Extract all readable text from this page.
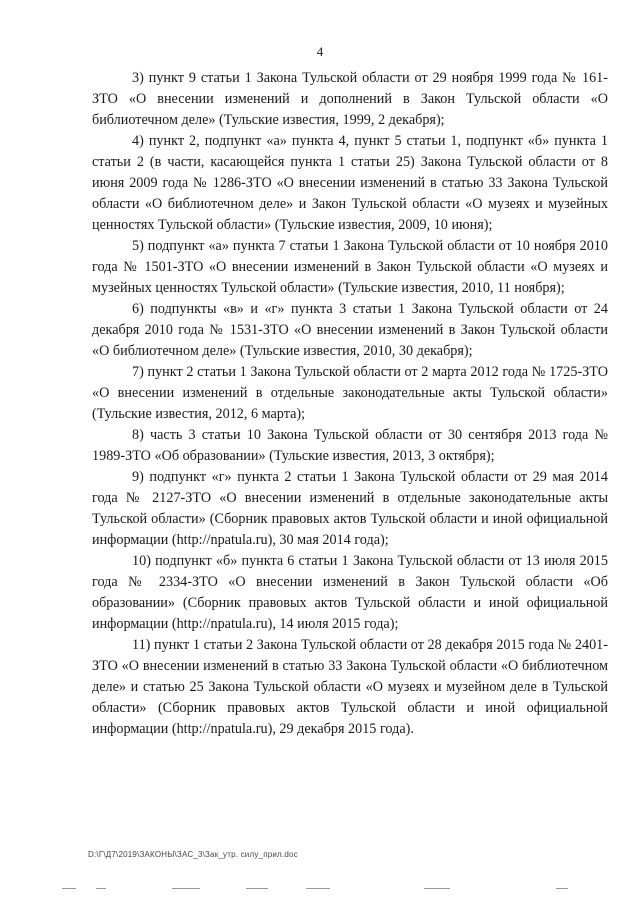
4

3) пункт 9 статьи 1 Закона Тульской области от 29 ноября 1999 года № 161-ЗТО «О внесении изменений и дополнений в Закон Тульской области «О библиотечном деле» (Тульские известия, 1999, 2 декабря);

4) пункт 2, подпункт «а» пункта 4, пункт 5 статьи 1, подпункт «б» пункта 1 статьи 2 (в части, касающейся пункта 1 статьи 25) Закона Тульской области от 8 июня 2009 года № 1286-ЗТО «О внесении изменений в статью 33 Закона Тульской области «О библиотечном деле» и Закон Тульской области «О музеях и музейных ценностях Тульской области» (Тульские известия, 2009, 10 июня);

5) подпункт «а» пункта 7 статьи 1 Закона Тульской области от 10 ноября 2010 года № 1501-ЗТО «О внесении изменений в Закон Тульской области «О музеях и музейных ценностях Тульской области» (Тульские известия, 2010, 11 ноября);

6) подпункты «в» и «г» пункта 3 статьи 1 Закона Тульской области от 24 декабря 2010 года № 1531-ЗТО «О внесении изменений в Закон Тульской области «О библиотечном деле» (Тульские известия, 2010, 30 декабря);

7) пункт 2 статьи 1 Закона Тульской области от 2 марта 2012 года № 1725-ЗТО «О внесении изменений в отдельные законодательные акты Тульской области» (Тульские известия, 2012, 6 марта);

8) часть 3 статьи 10 Закона Тульской области от 30 сентября 2013 года № 1989-ЗТО «Об образовании» (Тульские известия, 2013, 3 октября);

9) подпункт «г» пункта 2 статьи 1 Закона Тульской области от 29 мая 2014 года № 2127-ЗТО «О внесении изменений в отдельные законодательные акты Тульской области» (Сборник правовых актов Тульской области и иной официальной информации (http://npatula.ru), 30 мая 2014 года);

10) подпункт «б» пункта 6 статьи 1 Закона Тульской области от 13 июля 2015 года № 2334-ЗТО «О внесении изменений в Закон Тульской области «Об образовании» (Сборник правовых актов Тульской области и иной официальной информации (http://npatula.ru), 14 июля 2015 года);

11) пункт 1 статьи 2 Закона Тульской области от 28 декабря 2015 года № 2401-ЗТО «О внесении изменений в статью 33 Закона Тульской области «О библиотечном деле» и статью 25 Закона Тульской области «О музеях и музейном деле в Тульской области» (Сборник правовых актов Тульской области и иной официальной информации (http://npatula.ru), 29 декабря 2015 года).

D:\Г\Д7\2019\ЗАКОНЫ\ЗАС_3\Зак_утр. силу_прил.doc
